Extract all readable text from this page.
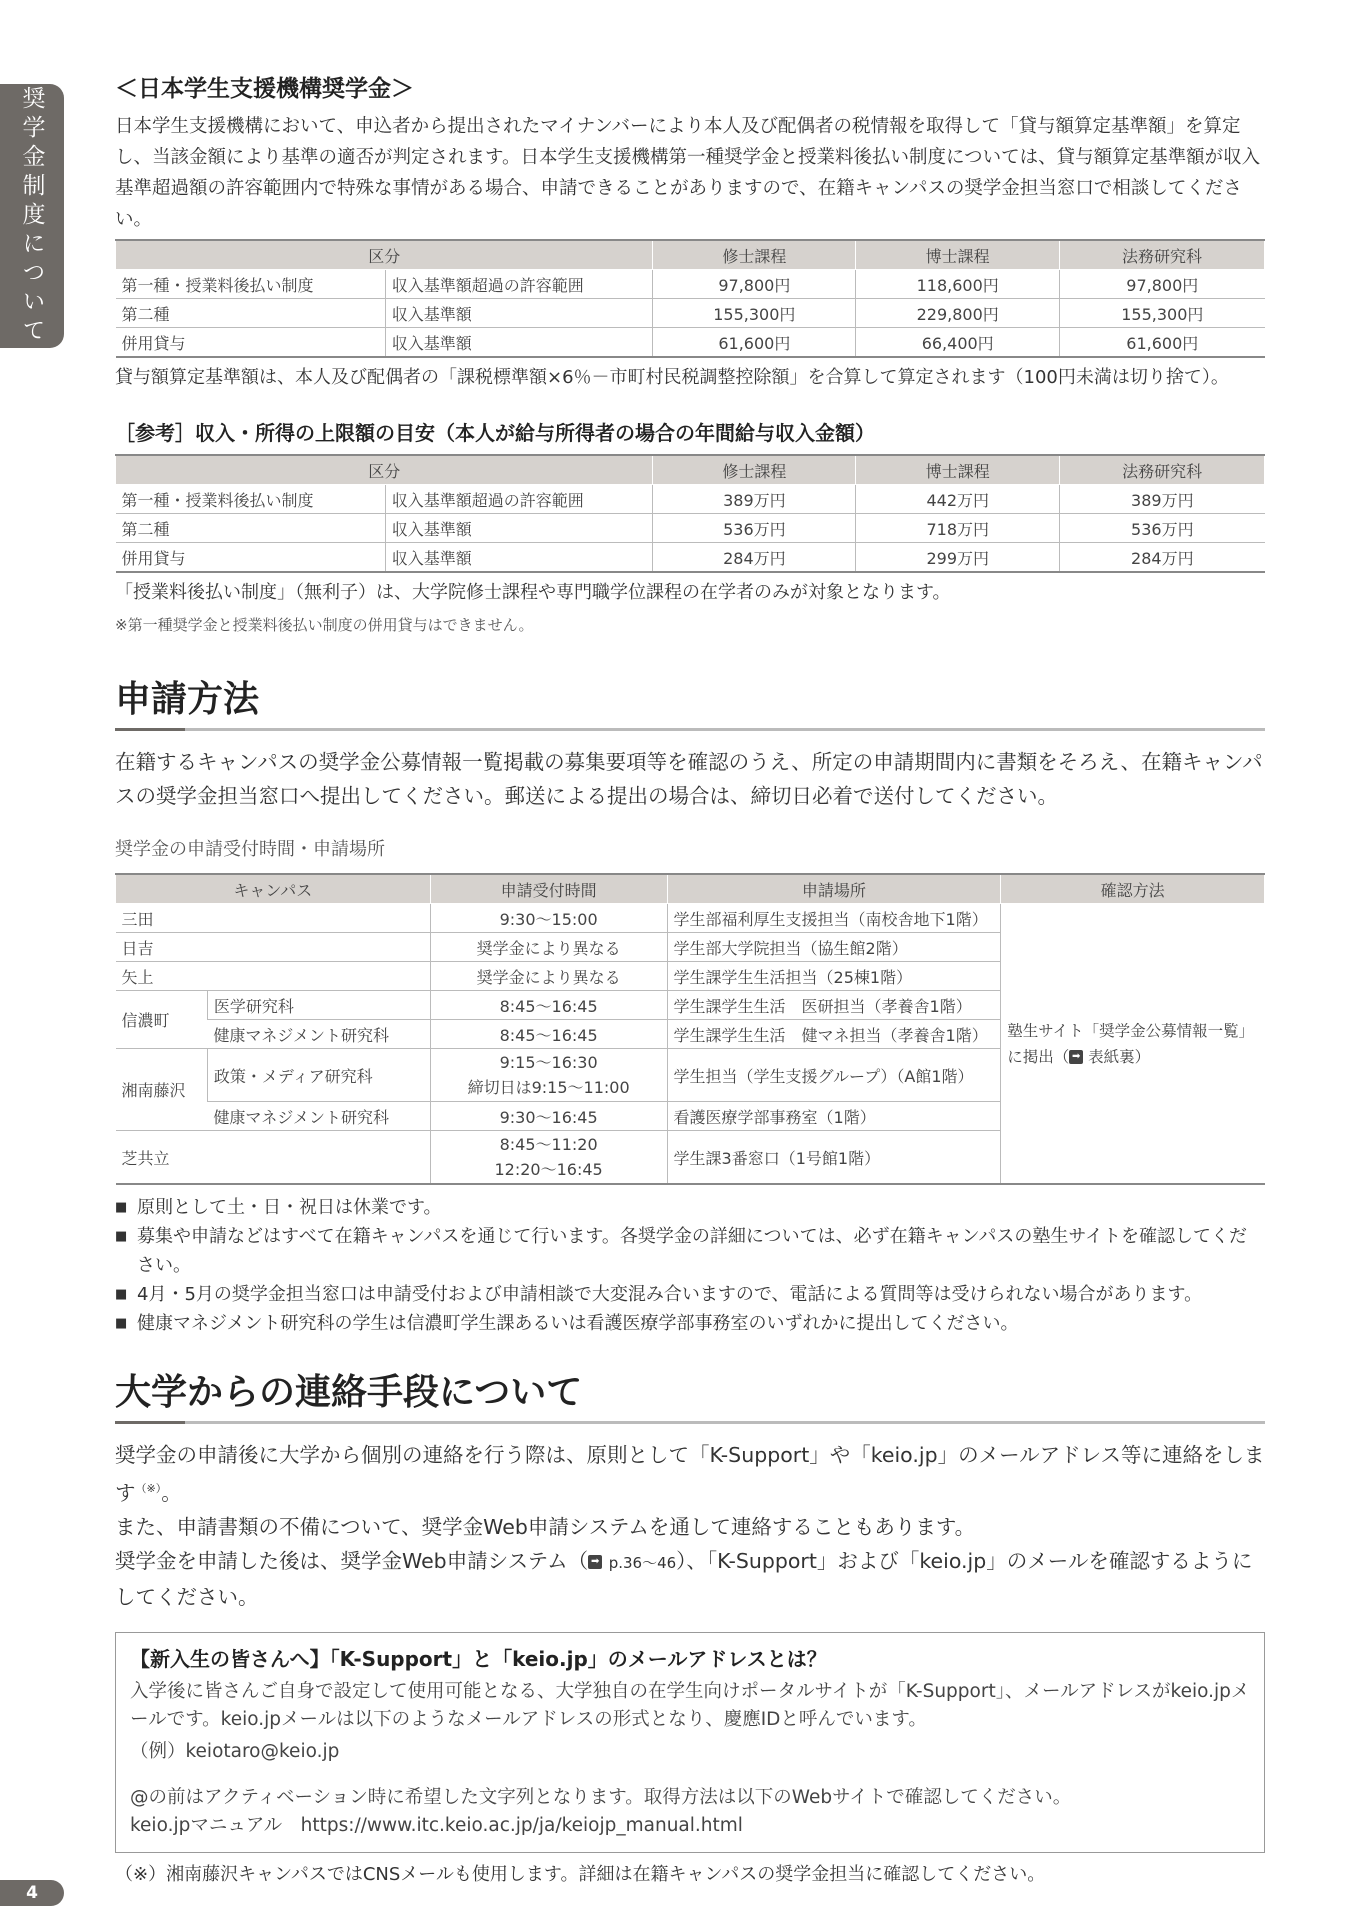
奨学金制度について
4
＜日本学生支援機構奨学金＞

日本学生支援機構において、申込者から提出されたマイナンバーにより本人及び配偶者の税情報を取得して「貸与額算定基準額」を算定し、当該金額により基準の適否が判定されます。日本学生支援機構第一種奨学金と授業料後払い制度については、貸与額算定基準額が収入基準超過額の許容範囲内で特殊な事情がある場合、申請できることがありますので、在籍キャンパスの奨学金担当窓口で相談してください。

区分		修士課程	博士課程	法務研究科
第一種・授業料後払い制度	収入基準額超過の許容範囲	97,800円	118,600円	97,800円
第二種	収入基準額	155,300円	229,800円	155,300円
併用貸与	収入基準額	61,600円	66,400円	61,600円

貸与額算定基準額は、本人及び配偶者の「課税標準額×6％－市町村民税調整控除額」を合算して算定されます（100円未満は切り捨て）。

［参考］収入・所得の上限額の目安（本人が給与所得者の場合の年間給与収入金額）
区分		修士課程	博士課程	法務研究科
第一種・授業料後払い制度	収入基準額超過の許容範囲	389万円	442万円	389万円
第二種	収入基準額	536万円	718万円	536万円
併用貸与	収入基準額	284万円	299万円	284万円

「授業料後払い制度」（無利子）は、大学院修士課程や専門職学位課程の在学者のみが対象となります。

※第一種奨学金と授業料後払い制度の併用貸与はできません。

申請方法

在籍するキャンパスの奨学金公募情報一覧掲載の募集要項等を確認のうえ、所定の申請期間内に書類をそろえ、在籍キャンパスの奨学金担当窓口へ提出してください。郵送による提出の場合は、締切日必着で送付してください。

奨学金の申請受付時間・申請場所
キャンパス		申請受付時間	申請場所	確認方法
三田		9:30〜15:00	学生部福利厚生支援担当（南校舎地下1階）	塾生サイト「奨学金公募情報一覧」
に掲出（ ➡ 表紙裏）
日吉		奨学金により異なる	学生部大学院担当（協生館2階）	
矢上		奨学金により異なる	学生課学生生活担当（25棟1階）	
信濃町	医学研究科	8:45〜16:45	学生課学生生活　医研担当（孝養舎1階）	
	健康マネジメント研究科	8:45〜16:45	学生課学生生活　健マネ担当（孝養舎1階）	
湘南藤沢	政策・メディア研究科	9:15〜16:30
締切日は9:15〜11:00	学生担当（学生支援グループ）（A館1階）	
	健康マネジメント研究科	9:30〜16:45	看護医療学部事務室（1階）	
芝共立		8:45〜11:20
12:20〜16:45	学生課3番窓口（1号館1階）	
■ 原則として土・日・祝日は休業です。
■ 募集や申請などはすべて在籍キャンパスを通じて行います。各奨学金の詳細については、必ず在籍キャンパスの塾生サイトを確認してください。
■ 4月・5月の奨学金担当窓口は申請受付および申請相談で大変混み合いますので、電話による質問等は受けられない場合があります。
■ 健康マネジメント研究科の学生は信濃町学生課あるいは看護医療学部事務室のいずれかに提出してください。
大学からの連絡手段について

奨学金の申請後に大学から個別の連絡を行う際は、原則として「K-Support」や「keio.jp」のメールアドレス等に連絡をします（※）。

また、申請書類の不備について、奨学金Web申請システムを通して連絡することもあります。

奨学金を申請した後は、奨学金Web申請システム（ ➡ p.36〜46）、「K-Support」および「keio.jp」のメールを確認するようにしてください。

【新入生の皆さんへ】「K-Support」と「keio.jp」のメールアドレスとは？

入学後に皆さんご自身で設定して使用可能となる、大学独自の在学生向けポータルサイトが「K-Support」、メールアドレスがkeio.jpメールです。keio.jpメールは以下のようなメールアドレスの形式となり、慶應IDと呼んでいます。

（例）keiotaro@keio.jp

@の前はアクティベーション時に希望した文字列となります。取得方法は以下のWebサイトで確認してください。

keio.jpマニュアル　https://www.itc.keio.ac.jp/ja/keiojp_manual.html

（※）湘南藤沢キャンパスではCNSメールも使用します。詳細は在籍キャンパスの奨学金担当に確認してください。
